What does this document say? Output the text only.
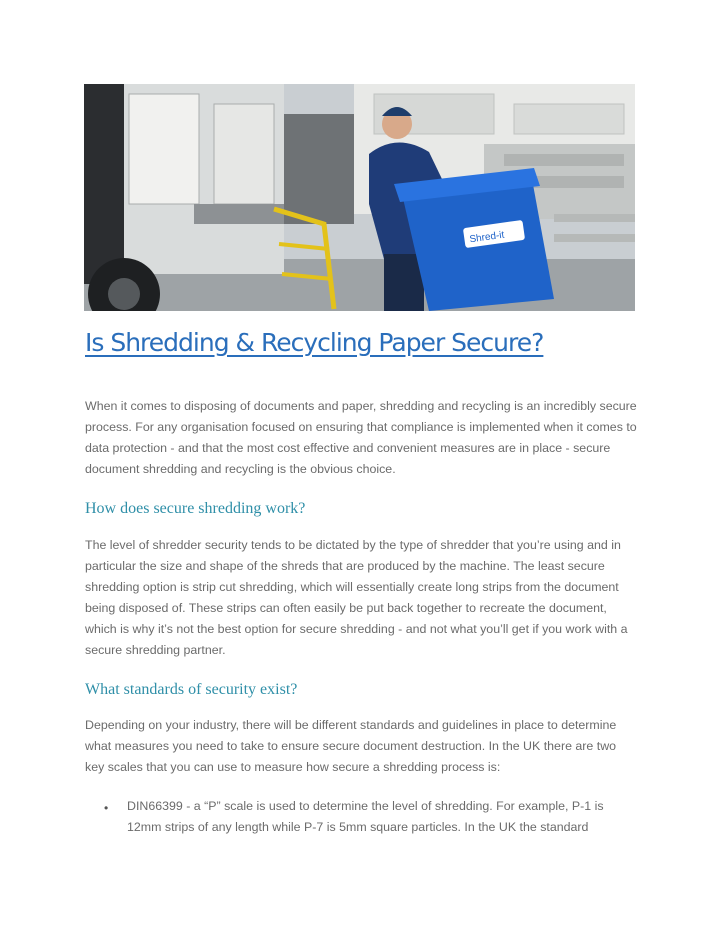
Shred-it
Is Shredding & Recycling Paper Secure?

When it comes to disposing of documents and paper, shredding and recycling is an incredibly secure process. For any organisation focused on ensuring that compliance is implemented when it comes to data protection - and that the most cost effective and convenient measures are in place - secure document shredding and recycling is the obvious choice.

How does secure shredding work?

The level of shredder security tends to be dictated by the type of shredder that you’re using and in particular the size and shape of the shreds that are produced by the machine. The least secure shredding option is strip cut shredding, which will essentially create long strips from the document being disposed of. These strips can often easily be put back together to recreate the document, which is why it’s not the best option for secure shredding - and not what you’ll get if you work with a secure shredding partner.

What standards of security exist?

Depending on your industry, there will be different standards and guidelines in place to determine what measures you need to take to ensure secure document destruction. In the UK there are two key scales that you can use to measure how secure a shredding process is:

•	DIN66399 - a “P” scale is used to determine the level of shredding. For example, P-1 is 12mm strips of any length while P-7 is 5mm square particles. In the UK the standard
